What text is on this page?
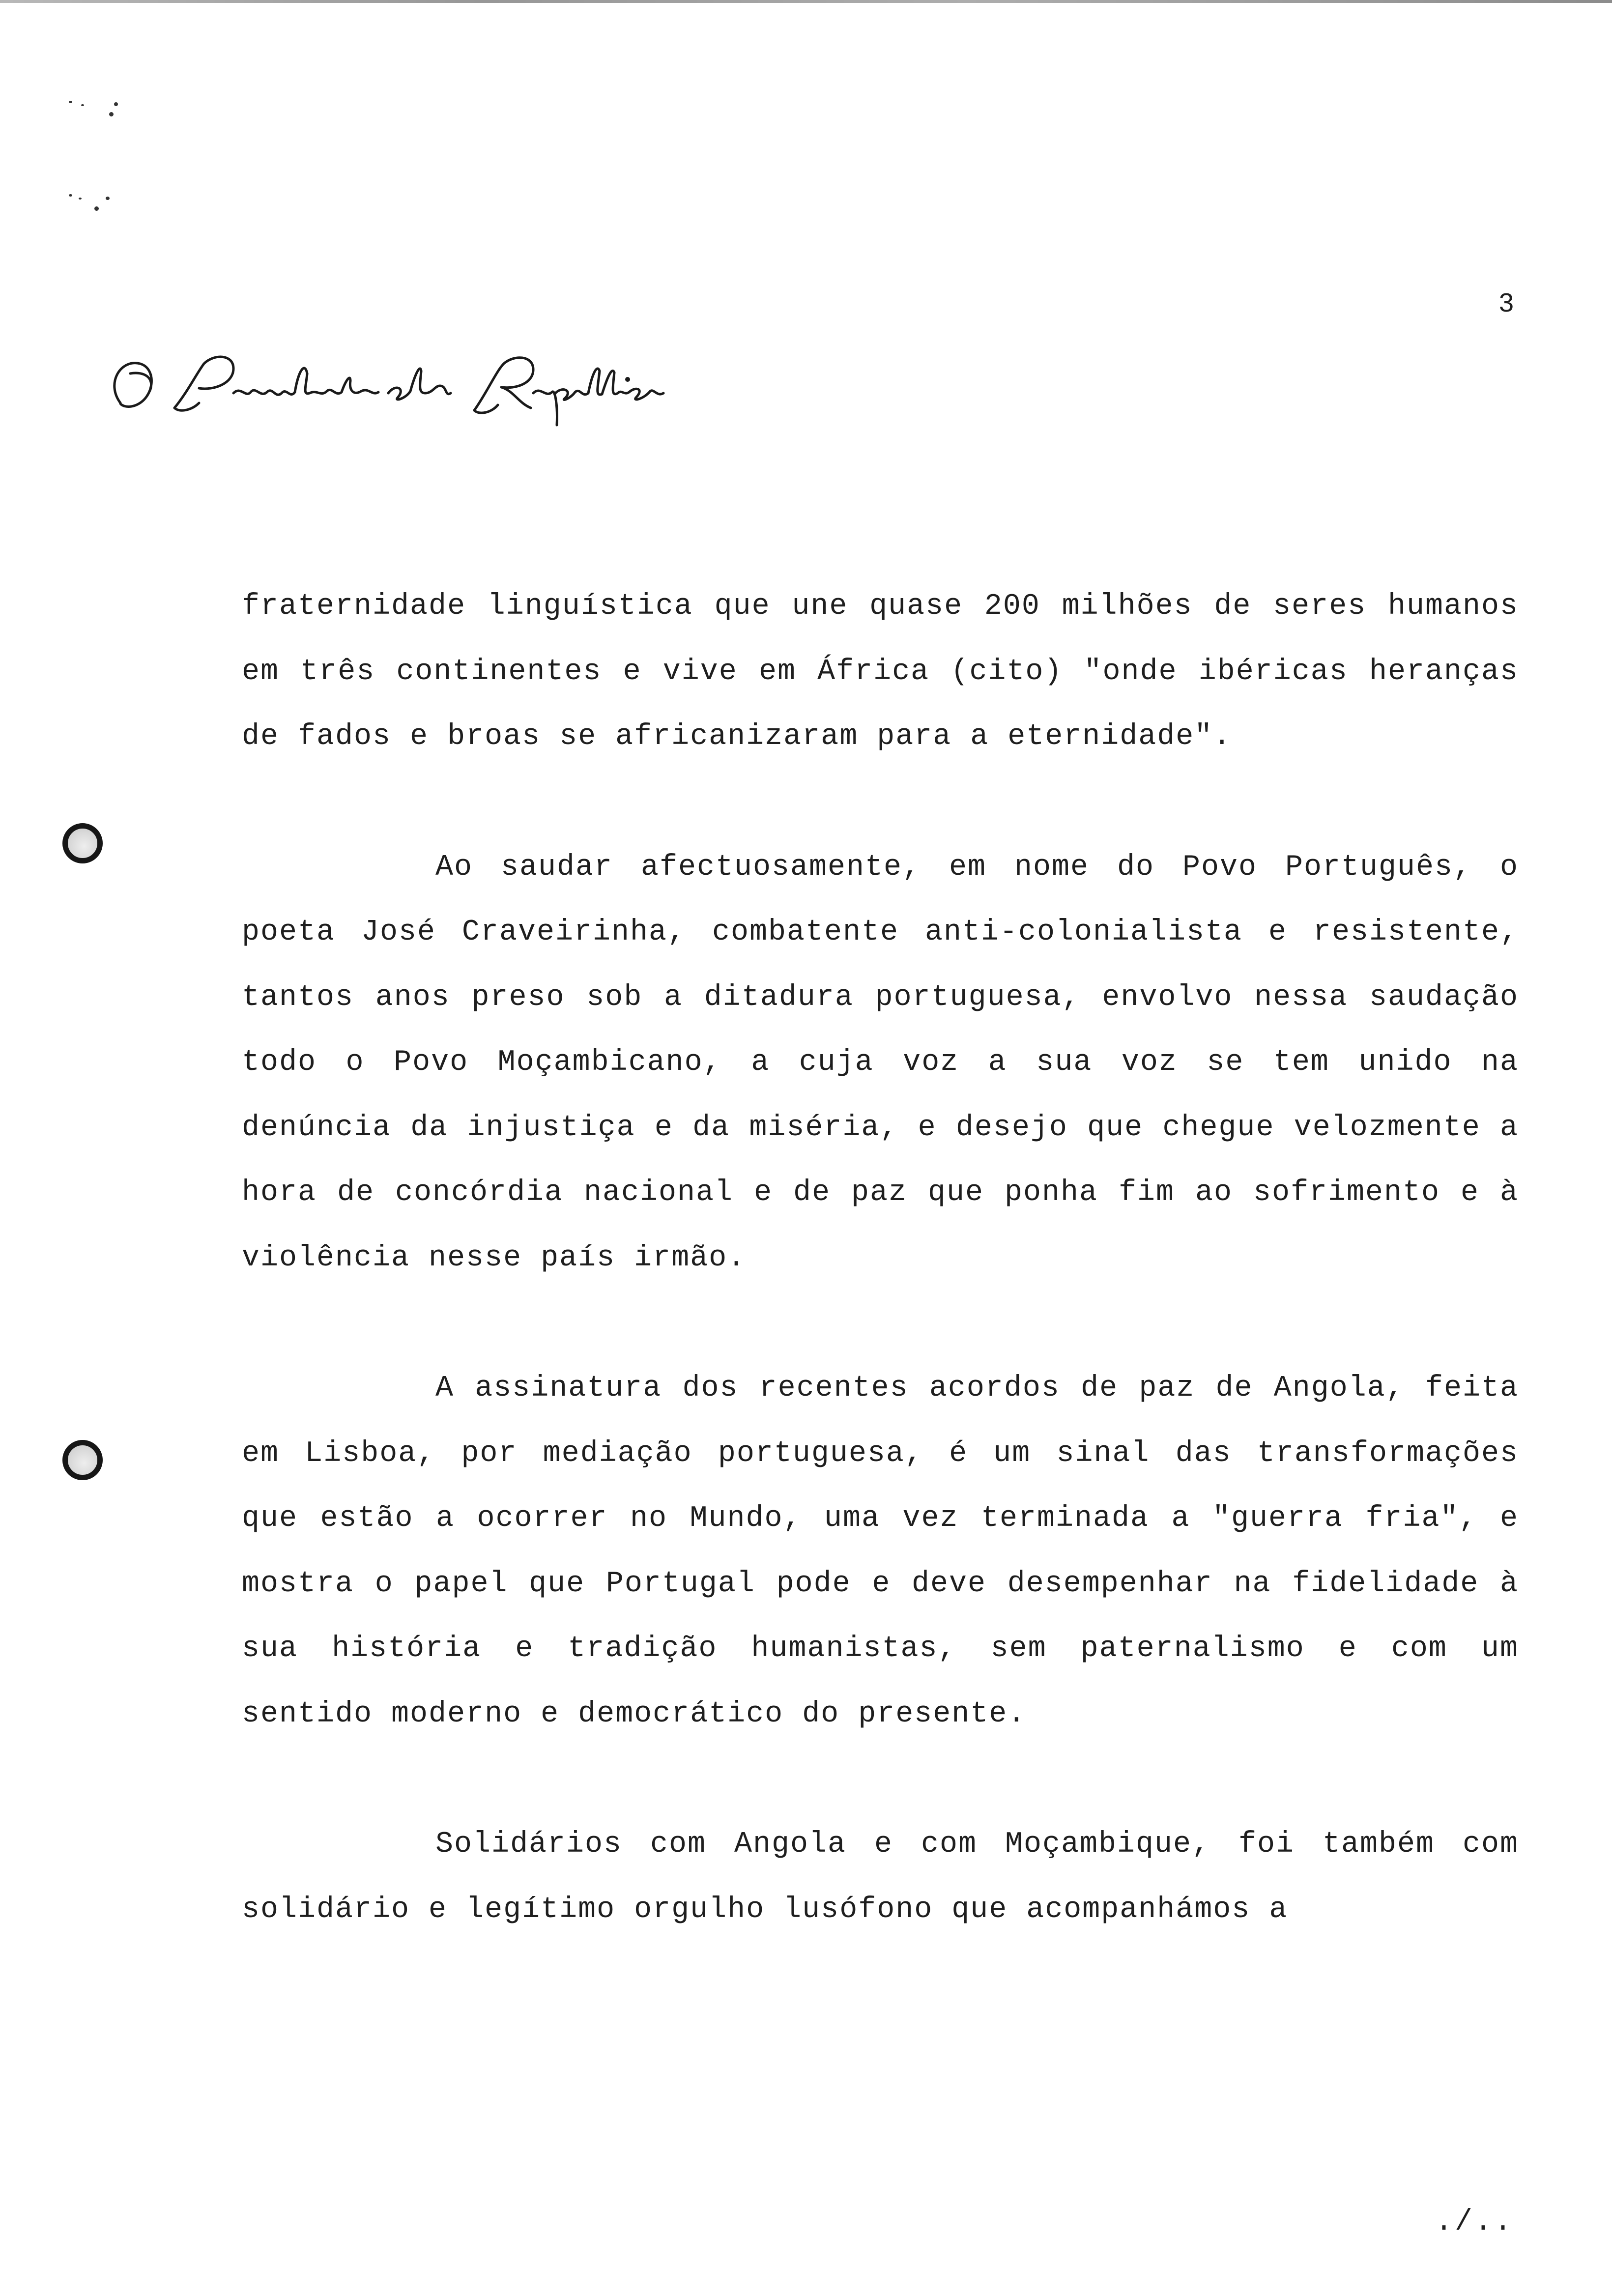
3

fraternidade linguística que une quase 200 milhões de seres humanos em três continentes e vive em África (cito) "onde ibéricas heranças de fados e broas se africanizaram para a eternidade".

Ao saudar afectuosamente, em nome do Povo Português, o poeta José Craveirinha, combatente anti-colonialista e resistente, tantos anos preso sob a ditadura portuguesa, envolvo nessa saudação todo o Povo Moçambicano, a cuja voz a sua voz se tem unido na denúncia da injustiça e da miséria, e desejo que chegue velozmente a hora de concórdia nacional e de paz que ponha fim ao sofrimento e à violência nesse país irmão.

A assinatura dos recentes acordos de paz de Angola, feita em Lisboa, por mediação portuguesa, é um sinal das transformações que estão a ocorrer no Mundo, uma vez terminada a "guerra fria", e mostra o papel que Portugal pode e deve desempenhar na fidelidade à sua história e tradição humanistas, sem paternalismo e com um sentido moderno e democrático do presente.

Solidários com Angola e com Moçambique, foi também com solidário e legítimo orgulho lusófono que acompanhámos a

./..
